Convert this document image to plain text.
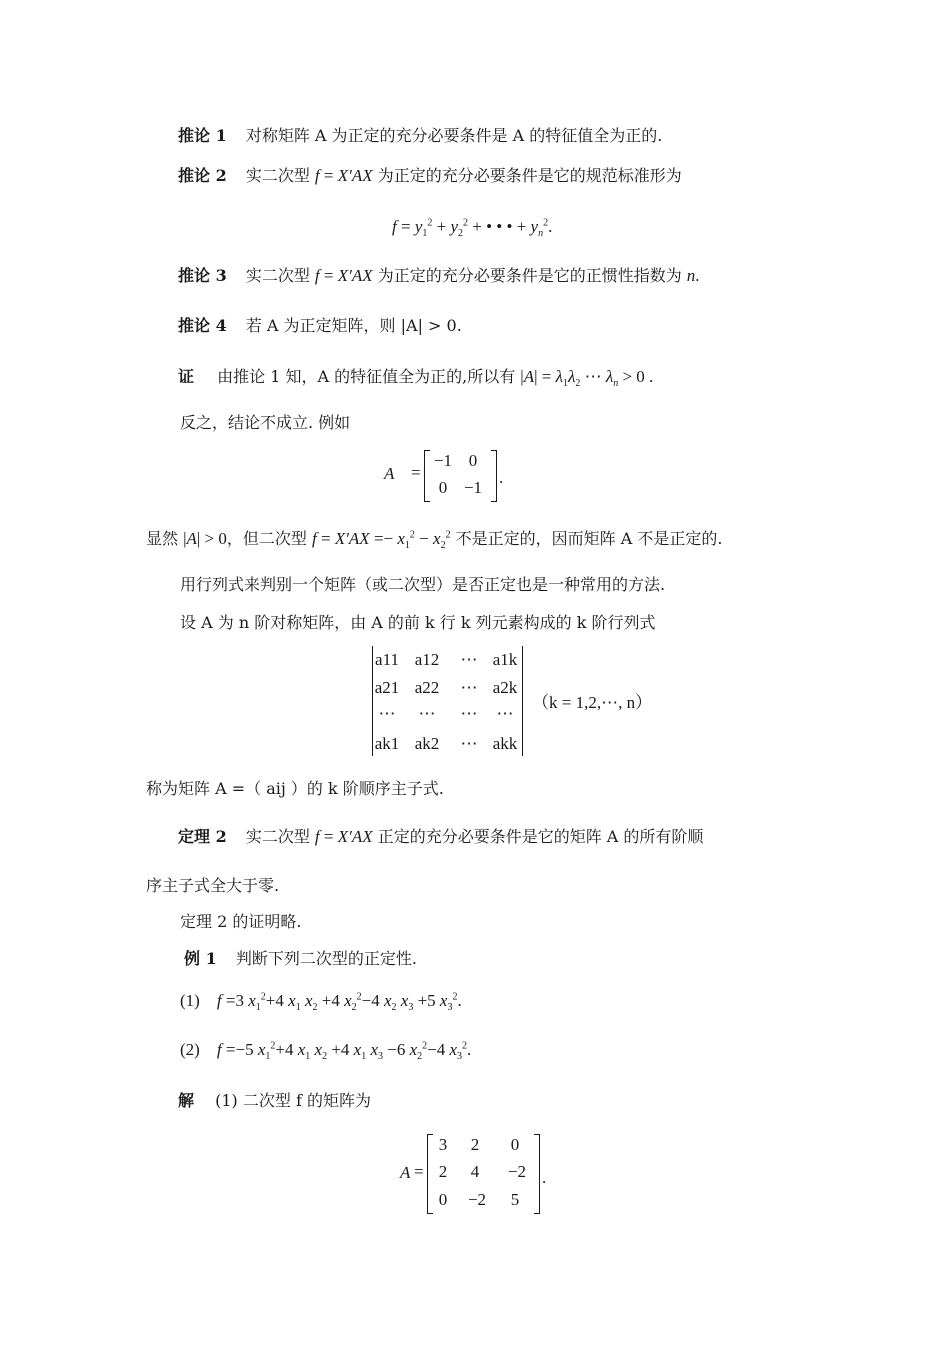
推论 1 对称矩阵 A 为正定的充分必要条件是 A 的特征值全为正的.
推论 2 实二次型 f = X′AX 为正定的充分必要条件是它的规范标准形为
$f = y_1^2 + y_2^2$ + • • • + $y_n^2$.
推论 3 实二次型 f = X′AX 为正定的充分必要条件是它的正惯性指数为 n.
推论 4 若 A 为正定矩阵，则 |A| > 0.
证 由推论 1 知，A 的特征值全为正的,所以有 $|A| = \lambda_1\lambda_2$ ⋯ $\lambda_n > 0$ .
反之，结论不成立. 例如
A =
−1 0
0 −1
.
显然 |A| > 0，但二次型 $f = X'AX =- x_1^2 - x_2^2$ 不是正定的，因而矩阵 A 不是正定的.
用行列式来判别一个矩阵（或二次型）是否正定也是一种常用的方法.
设 A 为 n 阶对称矩阵，由 A 的前 k 行 k 列元素构成的 k 阶行列式
a11 a12	⋯ a1k
a21 a22	⋯ a2k
⋯	⋯	⋯	⋯
ak1 ak2	⋯ akk
（k = 1,2,⋯, n）
称为矩阵 A =（ aij ）的 k 阶顺序主子式.
定理 2 实二次型 f = X′AX 正定的充分必要条件是它的矩阵 A 的所有阶顺
序主子式全大于零.
定理 2 的证明略.
例 1 判断下列二次型的正定性.
(1) f =3 $x_1^2+4$ $x_1$ $x_2 +4$ $x_2^2-4$ $x_2$ $x_3 +5$ $x_3^2$.
(2) f =−5 $x_1^2+4$ $x_1$ $x_2 +4$ $x_1$ $x_3 -6$ $x_2^2-4$ $x_3^2$.
解 (1) 二次型 f 的矩阵为
A =
3	2	0
2	4	−2
0	−2	5
.
